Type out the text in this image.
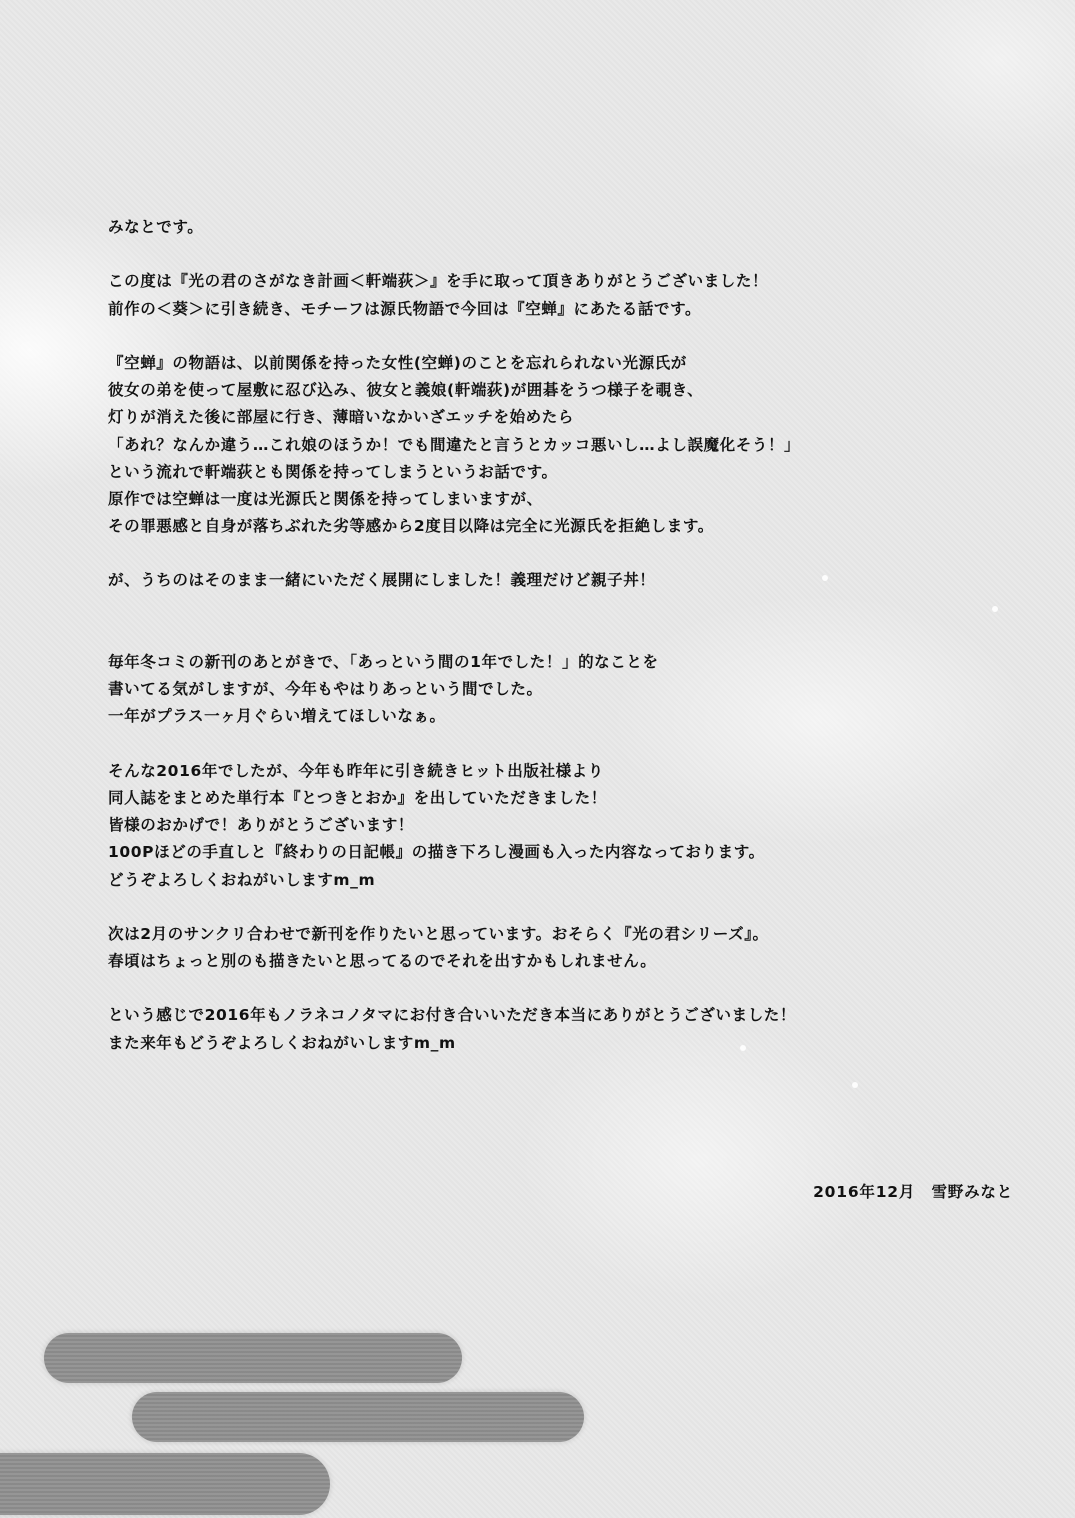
みなとです。

この度は『光の君のさがなき計画＜軒端荻＞』を手に取って頂きありがとうございました！
前作の＜葵＞に引き続き、モチーフは源氏物語で今回は『空蝉』にあたる話です。

『空蝉』の物語は、以前関係を持った女性(空蝉)のことを忘れられない光源氏が
彼女の弟を使って屋敷に忍び込み、彼女と義娘(軒端荻)が囲碁をうつ様子を覗き、
灯りが消えた後に部屋に行き、薄暗いなかいざエッチを始めたら
「あれ？なんか違う…これ娘のほうか！でも間違たと言うとカッコ悪いし…よし誤魔化そう！」
という流れで軒端荻とも関係を持ってしまうというお話です。
原作では空蝉は一度は光源氏と関係を持ってしまいますが、
その罪悪感と自身が落ちぶれた劣等感から2度目以降は完全に光源氏を拒絶します。

が、うちのはそのまま一緒にいただく展開にしました！義理だけど親子丼！

毎年冬コミの新刊のあとがきで、「あっという間の1年でした！」的なことを
書いてる気がしますが、今年もやはりあっという間でした。
一年がプラス一ヶ月ぐらい増えてほしいなぁ。

そんな2016年でしたが、今年も昨年に引き続きヒット出版社様より
同人誌をまとめた単行本『とつきとおか』を出していただきました！
皆様のおかげで！ありがとうございます！
100Pほどの手直しと『終わりの日記帳』の描き下ろし漫画も入った内容なっております。
どうぞよろしくおねがいしますm_m

次は2月のサンクリ合わせで新刊を作りたいと思っています。おそらく『光の君シリーズ』。
春頃はちょっと別のも描きたいと思ってるのでそれを出すかもしれません。

という感じで2016年もノラネコノタマにお付き合いいただき本当にありがとうございました！
また来年もどうぞよろしくおねがいしますm_m

2016年12月　雪野みなと
